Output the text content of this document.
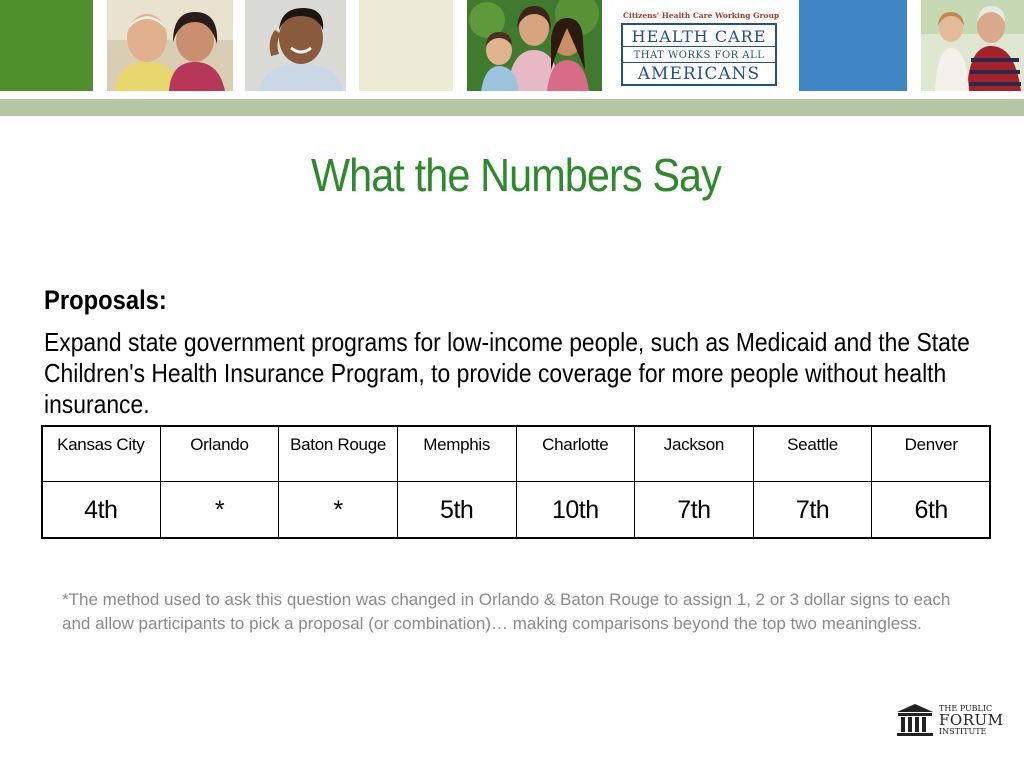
Citizens' Health Care Working Group
HEALTH CARE
THAT WORKS FOR ALL
AMERICANS
What the Numbers Say
Proposals:
Expand state government programs for low-income people, such as Medicaid and the State Children's Health Insurance Program, to provide coverage for more people without health insurance.
Kansas City	Orlando	Baton Rouge	Memphis	Charlotte	Jackson	Seattle	Denver
4th	*	*	5th	10th	7th	7th	6th
*The method used to ask this question was changed in Orlando & Baton Rouge to assign 1, 2 or 3 dollar signs to each and allow participants to pick a proposal (or combination)… making comparisons beyond the top two meaningless.
THE PUBLIC
FORUM
INSTITUTE
